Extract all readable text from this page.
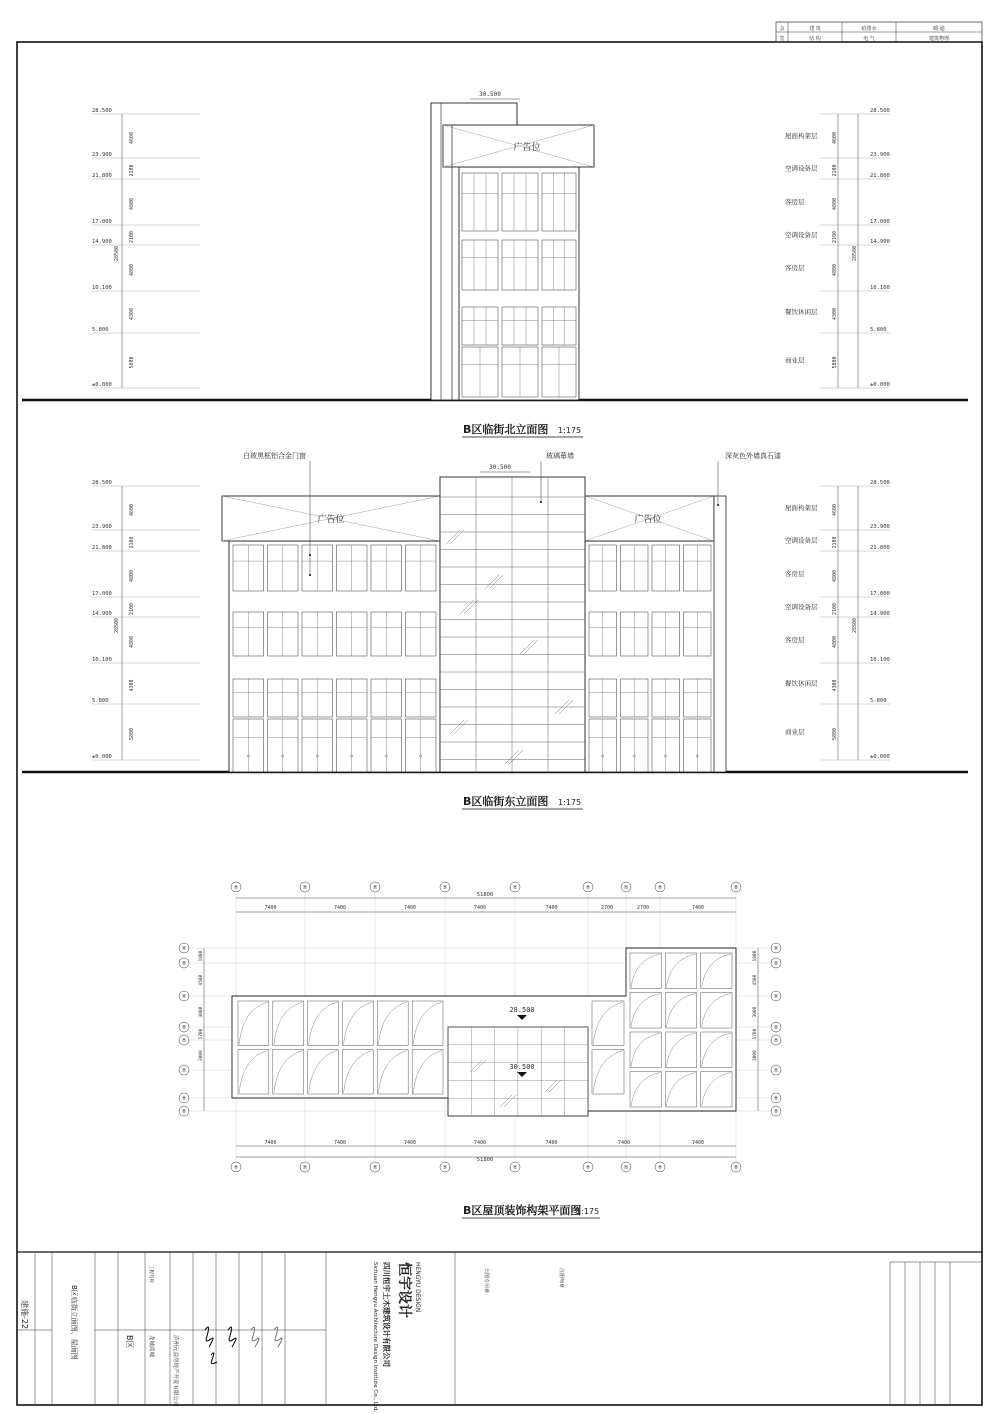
会	建 筑	给排水	暖 通
签	结 构	电 气	建筑物理
28.500	28.500
23.900	23.900
21.800	21.800
17.000	17.000
14.900	14.900
10.100	10.100
5.800	5.800
±0.000	±0.000
28500	28500
4600	4600
屋面构架层
2100	2100
空调设备层
4800	4800
客房层
2100	2100
空调设备层
4800	4800
客房层
4300	4300
餐饮休闲层
5800	5800
商业层
广告位
30.500
B区临街北立面图 1:175
28.500	28.500
23.900	23.900
21.800	21.800
17.000	17.000
14.900	14.900
10.100	10.100
5.800	5.800
±0.000	±0.000
28500	28500
4600	4600
屋面构架层
2100	2100
空调设备层
4800	4800
客房层
2100	2100
空调设备层
4800	4800
客房层
4300	4300
餐饮休闲层
5800	5800
商业层
广告位	广告位
30.500
白玻黑框铝合金门窗	玻璃幕墙	深灰色外墙真石漆
B区临街东立面图 1:175
H
H
H
H
H
H
H
H
H
H
H
H
H
H
H
H
H
H
H	H
H	H
H	H
H	H
H	H
H	H
H	H
H	H
7400	7400	7400	7400	7400	2700	2700	7400
7400	7400	7400	7400	7400	7400	7400
1800	1800
4500	4500
3000	3000
1700	1700
3000	3000
51800
51800
28.500
30.500
B区屋顶装饰构架平面图
1:175
B区临街立面图、屋面图
建施-22
B区
工程名称
龙城商城	泸州元益房地产开发有限公司
四川恒宇土木建筑设计有限公司
Sichuan Hengyu Architecture Design Institute Co., Ltd. 恒宇设计 HENGYU DESIGN	出图专用章	注册师章
